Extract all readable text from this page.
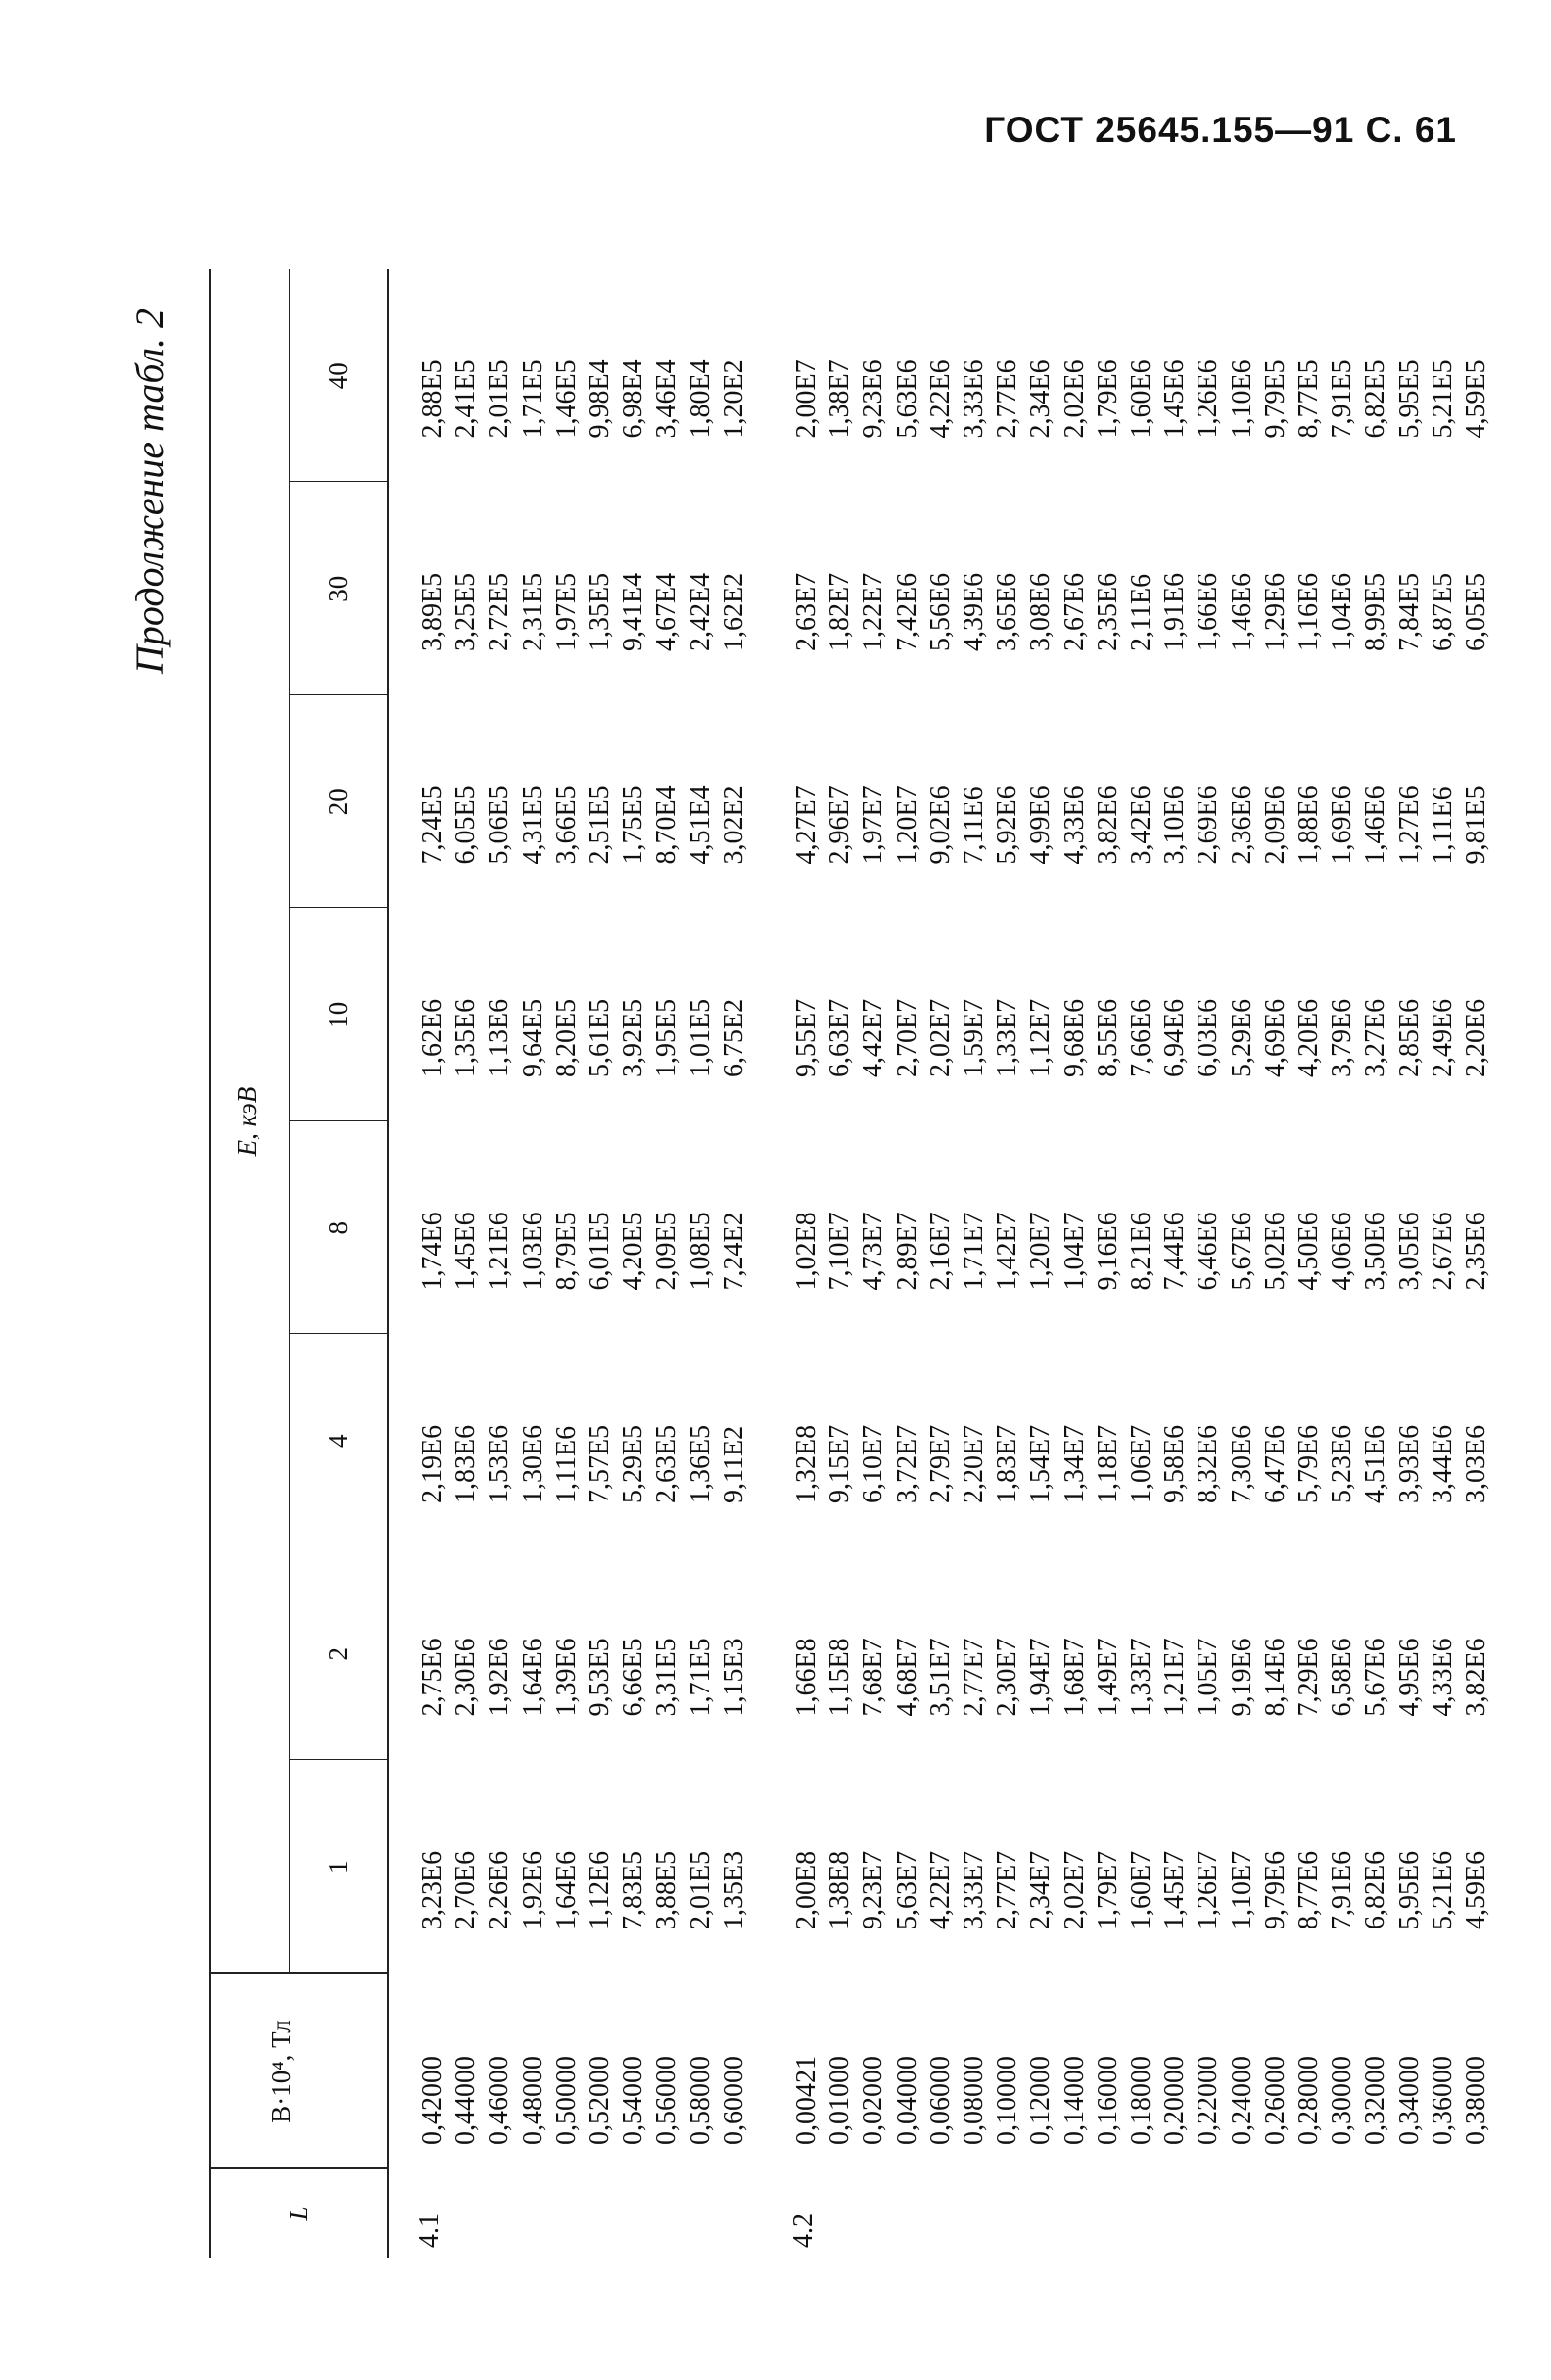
ГОСТ 25645.155—91 С. 61
Продолжение табл. 2
L
B·10⁴, Тл
E, кэВ
1
2
4
8
10
20
30
40
4.1
0,42000 0,44000 0,46000 0,48000 0,50000 0,52000 0,54000 0,56000 0,58000 0,60000
3,23E6 2,70E6 2,26E6 1,92E6 1,64E6 1,12E6 7,83E5 3,88E5 2,01E5 1,35E3
2,75E6 2,30E6 1,92E6 1,64E6 1,39E6 9,53E5 6,66E5 3,31E5 1,71E5 1,15E3
2,19E6 1,83E6 1,53E6 1,30E6 1,11E6 7,57E5 5,29E5 2,63E5 1,36E5 9,11E2
1,74E6 1,45E6 1,21E6 1,03E6 8,79E5 6,01E5 4,20E5 2,09E5 1,08E5 7,24E2
1,62E6 1,35E6 1,13E6 9,64E5 8,20E5 5,61E5 3,92E5 1,95E5 1,01E5 6,75E2
7,24E5 6,05E5 5,06E5 4,31E5 3,66E5 2,51E5 1,75E5 8,70E4 4,51E4 3,02E2
3,89E5 3,25E5 2,72E5 2,31E5 1,97E5 1,35E5 9,41E4 4,67E4 2,42E4 1,62E2
2,88E5 2,41E5 2,01E5 1,71E5 1,46E5 9,98E4 6,98E4 3,46E4 1,80E4 1,20E2
4.2
0,00421 0,01000 0,02000 0,04000 0,06000 0,08000 0,10000 0,12000 0,14000 0,16000 0,18000 0,20000 0,22000 0,24000 0,26000 0,28000 0,30000 0,32000 0,34000 0,36000 0,38000
2,00E8 1,38E8 9,23E7 5,63E7 4,22E7 3,33E7 2,77E7 2,34E7 2,02E7 1,79E7 1,60E7 1,45E7 1,26E7 1,10E7 9,79E6 8,77E6 7,91E6 6,82E6 5,95E6 5,21E6 4,59E6
1,66E8 1,15E8 7,68E7 4,68E7 3,51E7 2,77E7 2,30E7 1,94E7 1,68E7 1,49E7 1,33E7 1,21E7 1,05E7 9,19E6 8,14E6 7,29E6 6,58E6 5,67E6 4,95E6 4,33E6 3,82E6
1,32E8 9,15E7 6,10E7 3,72E7 2,79E7 2,20E7 1,83E7 1,54E7 1,34E7 1,18E7 1,06E7 9,58E6 8,32E6 7,30E6 6,47E6 5,79E6 5,23E6 4,51E6 3,93E6 3,44E6 3,03E6
1,02E8 7,10E7 4,73E7 2,89E7 2,16E7 1,71E7 1,42E7 1,20E7 1,04E7 9,16E6 8,21E6 7,44E6 6,46E6 5,67E6 5,02E6 4,50E6 4,06E6 3,50E6 3,05E6 2,67E6 2,35E6
9,55E7 6,63E7 4,42E7 2,70E7 2,02E7 1,59E7 1,33E7 1,12E7 9,68E6 8,55E6 7,66E6 6,94E6 6,03E6 5,29E6 4,69E6 4,20E6 3,79E6 3,27E6 2,85E6 2,49E6 2,20E6
4,27E7 2,96E7 1,97E7 1,20E7 9,02E6 7,11E6 5,92E6 4,99E6 4,33E6 3,82E6 3,42E6 3,10E6 2,69E6 2,36E6 2,09E6 1,88E6 1,69E6 1,46E6 1,27E6 1,11E6 9,81E5
2,63E7 1,82E7 1,22E7 7,42E6 5,56E6 4,39E6 3,65E6 3,08E6 2,67E6 2,35E6 2,11E6 1,91E6 1,66E6 1,46E6 1,29E6 1,16E6 1,04E6 8,99E5 7,84E5 6,87E5 6,05E5
2,00E7 1,38E7 9,23E6 5,63E6 4,22E6 3,33E6 2,77E6 2,34E6 2,02E6 1,79E6 1,60E6 1,45E6 1,26E6 1,10E6 9,79E5 8,77E5 7,91E5 6,82E5 5,95E5 5,21E5 4,59E5
